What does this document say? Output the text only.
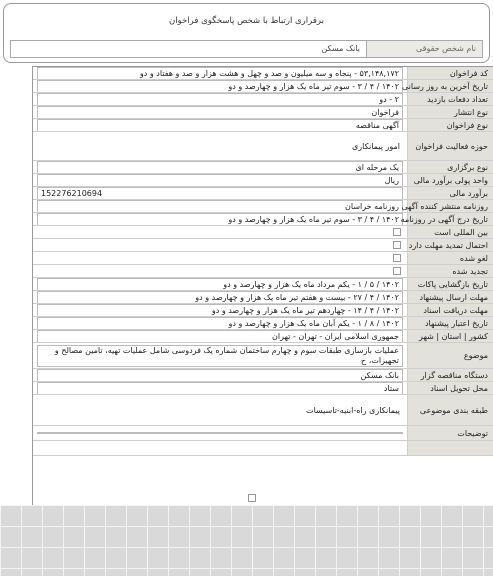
برقراری ارتباط با شخص پاسخگوی فراخوان
نام شخص حقوقی
بانک مسکن
کد فراخوان
۵۳,۱۴۸,۱۷۲ - پنجاه و سه میلیون و صد و چهل و هشت هزار و صد و هفتاد و دو
تاریخ آخرین به روز رسانی
۱۴۰۲ / ۴ / ۳ - سوم تیر ماه یک هزار و چهارصد و دو
تعداد دفعات بازدید
۲ - دو
نوع انتشار
فراخوان
نوع فراخوان
آگهی مناقصه
حوزه فعالیت فراخوان
امور پیمانکاری
نوع برگزاری
یک مرحله ای
واحد پولی برآورد مالی
ریال
برآورد مالی
152276210694
روزنامه منتشر کننده آگهی
روزنامه خراسان
تاریخ درج آگهی در روزنامه
۱۴۰۲ / ۴ / ۳ - سوم تیر ماه یک هزار و چهارصد و دو
بین المللی است
احتمال تمدید مهلت دارد
لغو شده
تجدید شده
تاریخ بازگشایی پاکات
۱۴۰۲ / ۵ / ۱ - یکم مرداد ماه یک هزار و چهارصد و دو
مهلت ارسال پیشنهاد
۱۴۰۲ / ۴ / ۲۷ - بیست و هفتم تیر ماه یک هزار و چهارصد و دو
مهلت دریافت اسناد
۱۴۰۲ / ۴ / ۱۴ - چهاردهم تیر ماه یک هزار و چهارصد و دو
تاریخ اعتبار پیشنهاد
۱۴۰۲ / ۸ / ۱ - یکم آبان ماه یک هزار و چهارصد و دو
کشور | استان | شهر
جمهوری اسلامی ایران - تهران - تهران
موضوع
عملیات بازسازی طبقات سوم و چهارم ساختمان شماره یک فردوسی شامل عملیات تهیه، تامین مصالح و تجهیزات، ح
دستگاه مناقصه گزار
بانک مسکن
محل تحویل اسناد
ستاد
طبقه بندی موضوعی
پیمانکاری راه-ابنیه-تاسیسات
توضیحات
